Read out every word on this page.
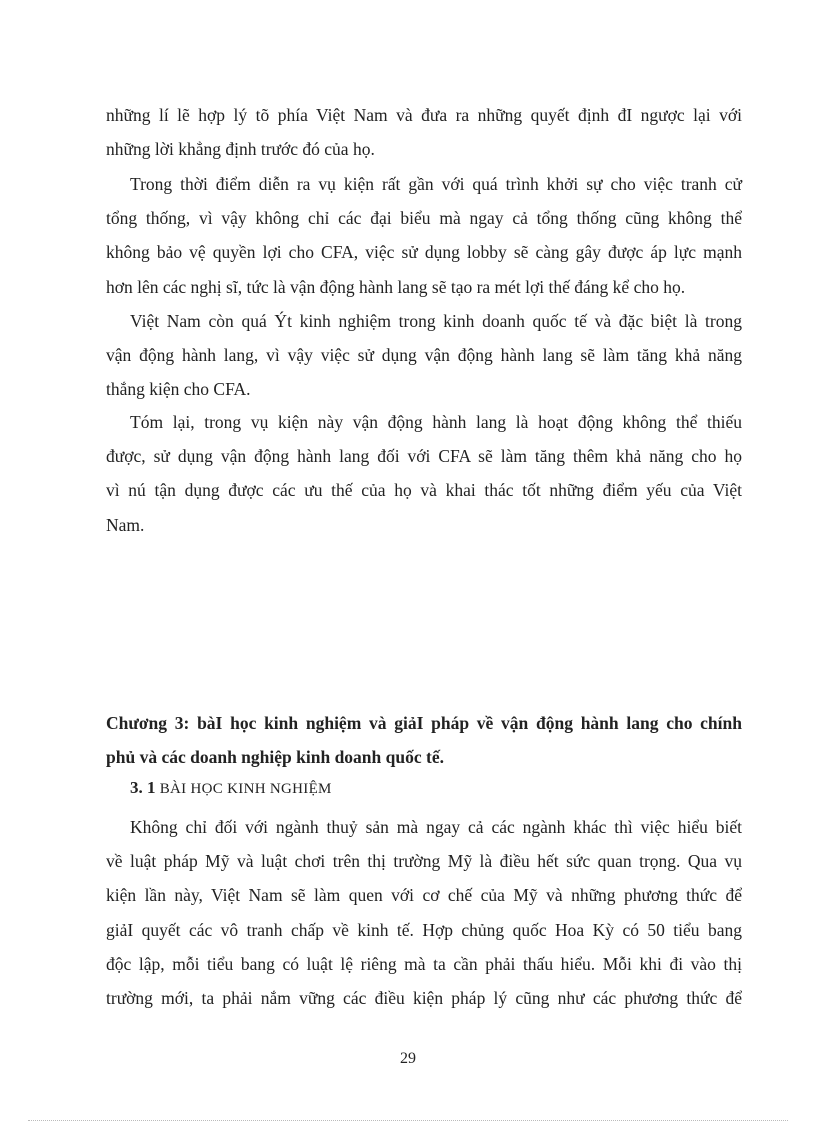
những lí lẽ hợp lý tõ phía Việt Nam và đưa ra những quyết định đI ngược lại với
những lời khẳng định trước đó của họ.
Trong thời điểm diễn ra vụ kiện rất gần với quá trình khởi sự cho việc tranh cử
tổng thống, vì vậy không chỉ các đại biểu mà ngay cả tổng thống cũng không thể
không bảo vệ quyền lợi cho CFA, việc sử dụng lobby sẽ càng gây được áp lực mạnh
hơn lên các nghị sĩ, tức là vận động hành lang sẽ tạo ra mét lợi thế đáng kể cho họ.
Việt Nam còn quá Ýt kinh nghiệm trong kinh doanh quốc tế và đặc biệt là trong
vận động hành lang, vì vậy việc sử dụng vận động hành lang sẽ làm tăng khả năng
thắng kiện cho CFA.
Tóm lại, trong vụ kiện này vận động hành lang là hoạt động không thể thiếu
được, sử dụng vận động hành lang đối với CFA sẽ làm tăng thêm khả năng cho họ
vì nú tận dụng được các ưu thế của họ và khai thác tốt những điểm yếu của Việt
Nam.
Chương 3: bàI học kinh nghiệm và giảI pháp về vận động hành lang cho chính
phủ và các doanh nghiệp kinh doanh quốc tế.
3. 1 BÀI HỌC KINH NGHIỆM
Không chỉ đối với ngành thuỷ sản mà ngay cả các ngành khác thì việc hiểu biết
về luật pháp Mỹ và luật chơi trên thị trường Mỹ là điều hết sức quan trọng. Qua vụ
kiện lần này, Việt Nam sẽ làm quen với cơ chế của Mỹ và những phương thức để
giảI quyết các vô tranh chấp về kinh tế. Hợp chủng quốc Hoa Kỳ có 50 tiểu bang
độc lập, mỗi tiểu bang có luật lệ riêng mà ta cần phải thấu hiểu. Mỗi khi đi vào thị
trường mới, ta phải nắm vững các điều kiện pháp lý cũng như các phương thức để
29
